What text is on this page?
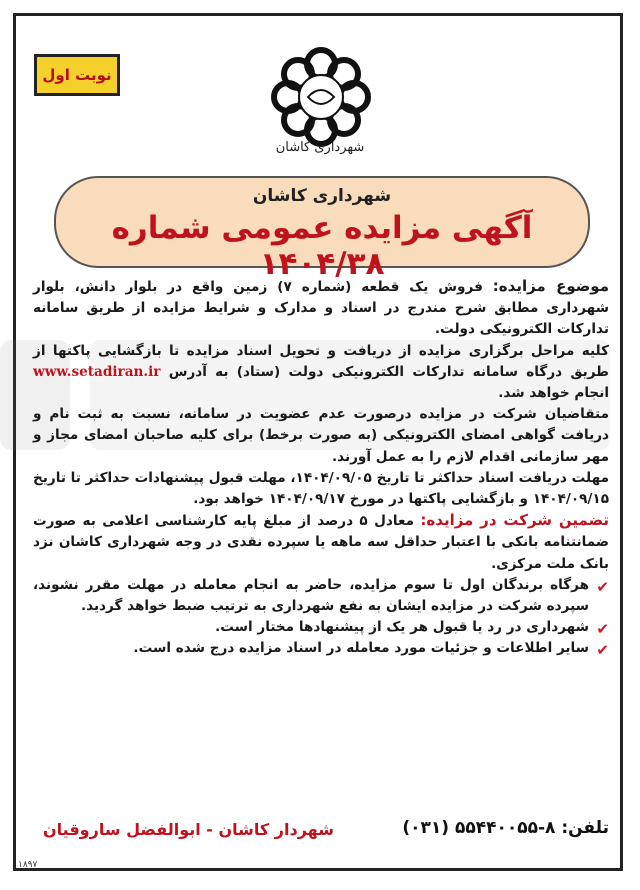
نوبت اول
شهرداری کاشان
شهرداری کاشان
آگهی مزایده عمومی شماره ۱۴۰۴/۳۸

موضوع مزایده: فروش یک قطعه (شماره ۷) زمین واقع در بلوار دانش، بلوار شهرداری مطابق شرح مندرج در اسناد و مدارک و شرایط مزایده از طریق سامانه تدارکات الکترونیکی دولت.

کلیه مراحل برگزاری مزایده از دریافت و تحویل اسناد مزایده تا بازگشایی پاکتها از طریق درگاه سامانه تدارکات الکترونیکی دولت (ستاد) به آدرس www.setadiran.ir انجام خواهد شد.

متقاضیان شرکت در مزایده درصورت عدم عضویت در سامانه، نسبت به ثبت نام و دریافت گواهی امضای الکترونیکی (به صورت برخط) برای کلیه صاحبان امضای مجاز و مهر سازمانی اقدام لازم را به عمل آورند.

مهلت دریافت اسناد حداکثر تا تاریخ ۱۴۰۴/۰۹/۰۵، مهلت قبول پیشنهادات حداکثر تا تاریخ ۱۴۰۴/۰۹/۱۵ و بازگشایی پاکتها در مورخ ۱۴۰۴/۰۹/۱۷ خواهد بود.

تضمین شرکت در مزایده: معادل ۵ درصد از مبلغ پایه کارشناسی اعلامی به صورت ضمانتنامه بانکی با اعتبار حداقل سه ماهه یا سپرده نقدی در وجه شهرداری کاشان نزد بانک ملت مرکزی.

✔
هرگاه برندگان اول تا سوم مزایده، حاضر به انجام معامله در مهلت مقرر نشوند، سپرده شرکت در مزایده ایشان به نفع شهرداری به ترتیب ضبط خواهد گردید.

✔
شهرداری در رد یا قبول هر یک از پیشنهادها مختار است.

✔
سایر اطلاعات و جزئیات مورد معامله در اسناد مزایده درج شده است.

تلفن: ۸-۵۵۴۴۰۰۵۵ (۰۳۱)
شهردار کاشان - ابوالفضل ساروقیان
۱۸۹۷
